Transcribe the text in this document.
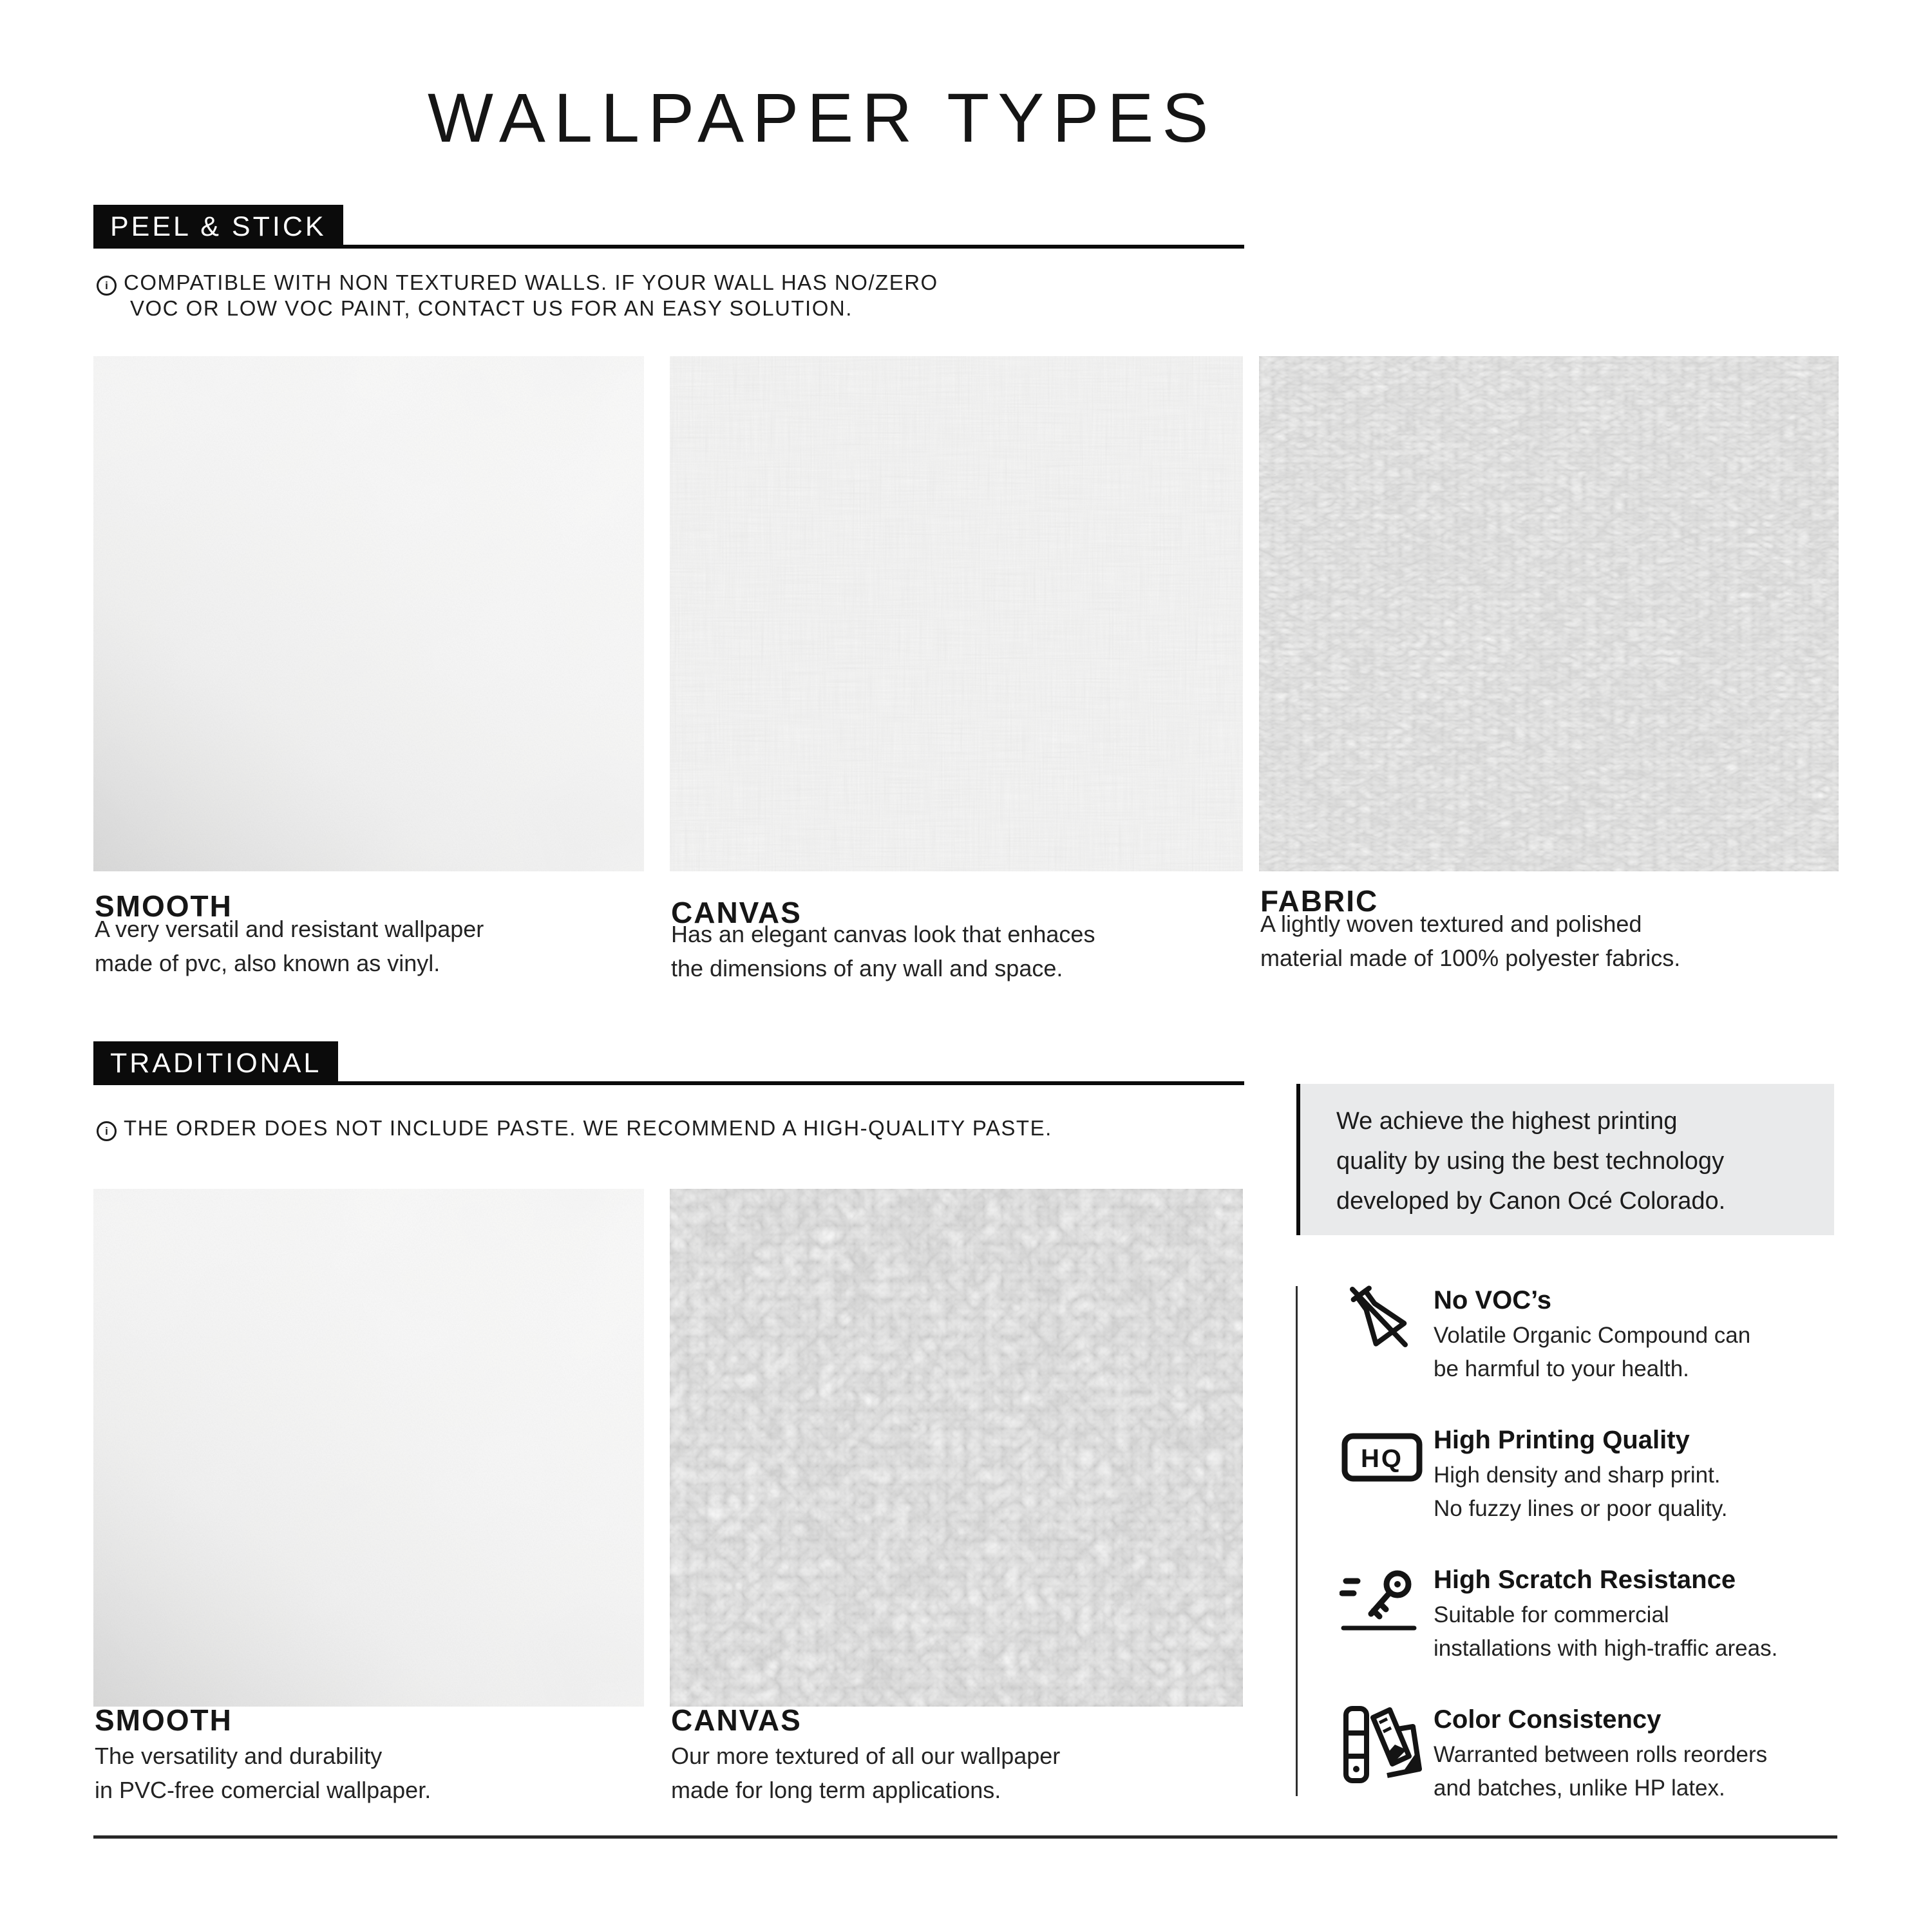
WALLPAPER TYPES
PEEL & STICK
i COMPATIBLE WITH NON TEXTURED WALLS. IF YOUR WALL HAS NO/ZERO
VOC OR LOW VOC PAINT, CONTACT US FOR AN EASY SOLUTION.
SMOOTH
A very versatil and resistant wallpaper
made of pvc, also known as vinyl.
CANVAS
Has an elegant canvas look that enhaces
the dimensions of any wall and space.
FABRIC
A lightly woven textured and polished
material made of 100% polyester fabrics.
TRADITIONAL
i THE ORDER DOES NOT INCLUDE PASTE. WE RECOMMEND A HIGH-QUALITY PASTE.
SMOOTH
The versatility and durability
in PVC-free comercial wallpaper.
CANVAS
Our more textured of all our wallpaper
made for long term applications.
We achieve the highest printing
quality by using the best technology
developed by Canon Océ Colorado.
No VOC’s
Volatile Organic Compound can
be harmful to your health.
HQ
High Printing Quality
High density and sharp print.
No fuzzy lines or poor quality.
High Scratch Resistance
Suitable for commercial
installations with high-traffic areas.
Color Consistency
Warranted between rolls reorders
and batches, unlike HP latex.
